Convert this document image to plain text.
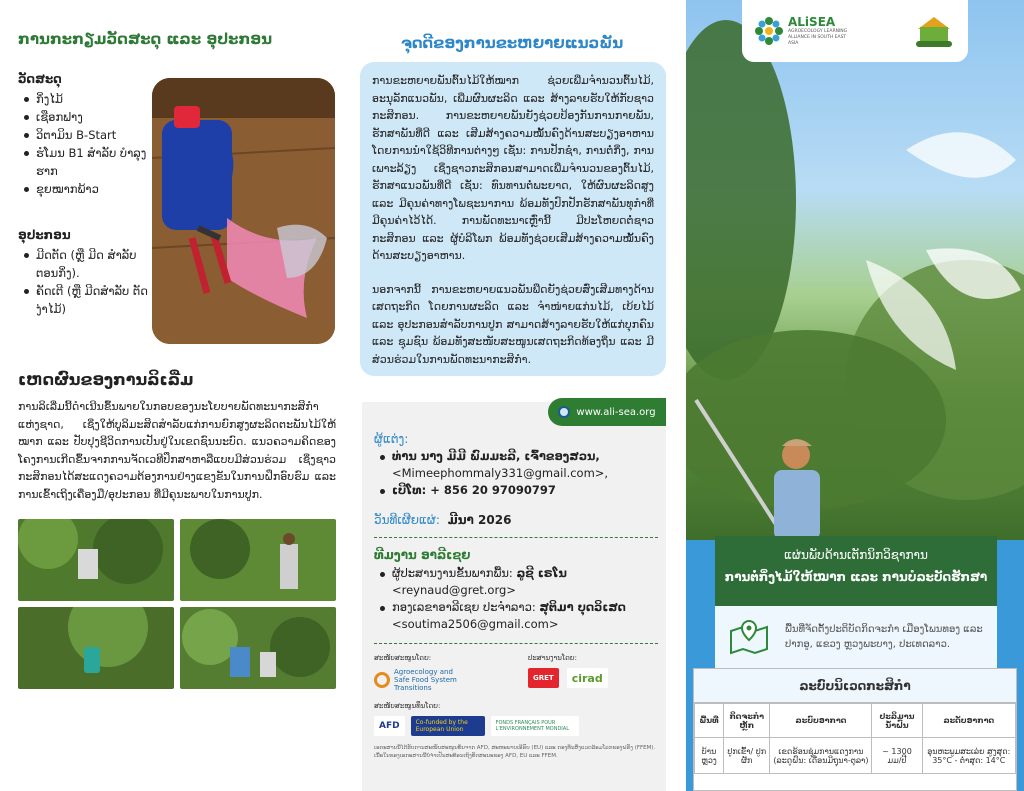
ການກະກຽມວັດສະດຸ ແລະ ອຸປະກອນ
ວັດສະດຸ
ກິ່ງໄມ້
ເຊືອກຟາງ
ວິຕາມິນ B-Start
ຮໍໂມນ B1 ສຳລັບ ບຳລຸງຮາກ
ຂຸຍໝາກພ້າວ
ອຸປະກອນ
ມີດຕັດ (ຫຼື ມີດ ສຳລັບຕອນກິ່ງ).
ຄັດເຕີ (ຫຼື ມີດສຳລັບ ຕັດງ່າໄມ້)
ເຫດຜົນຂອງການລິເລີ່ມ
ການລິເລີ່ມນີ້ດຳເນີນຂຶ້ນພາຍໃນກອບຂອງນະໂຍບາຍພັດທະນາກະສິກຳແຫ່ງຊາດ, ເຊິ່ງໃຫ້ບູລິມະສິດສຳລັບແກ່ການຍົກສູງຜະລິດຕະພັນໄມ້ໃຫ້ໝາກ ແລະ ປັບປຸງຊີວິດການເປັນຢູ່ໃນເຂດຊົນນະບົດ. ແນວຄວາມຄິດຂອງໂຄງການເກີດຂຶ້ນຈາກການຈັດເວທີປຶກສາຫາລືແບບມີສ່ວນຮ່ວມ ເຊິ່ງຊາວກະສິກອນໄດ້ສະແດງຄວາມຕ້ອງການຢ່າງແຂງຂັນໃນການຝຶກອົບຮົມ ແລະ ການເຂົ້າເຖິງເຄື່ອງມື/ອຸປະກອນ ທີ່ມີຄຸນະພາບໃນການປູກ.
ຈຸດດີຂອງການຂະຫຍາຍແນວພັນ

ການຂະຫຍາຍພັນຕົ້ນໄມ້ໃຫ້ໝາກ ຊ່ວຍເພີ່ມຈຳນວນຕົ້ນໄມ້, ອະນຸລັກແນວພັນ, ເພີ່ມຜົນຜະລິດ ແລະ ສ້າງລາຍຮັບໃຫ້ກັບຊາວກະສິກອນ. ການຂະຫຍາຍພັນຍັງຊ່ວຍປ້ອງກັນການກາຍພັນ, ຮັກສາພັນທີ່ດີ ແລະ ເສີມສ້າງຄວາມໝັ້ນຄົງດ້ານສະບຽງອາຫານ ໂດຍການນຳໃຊ້ວິທີການຕ່າງໆ ເຊັ່ນ: ການປັກຊໍາ, ການຕໍ່ກິ່ງ, ການເພາະລ້ຽງ ເຊິ່ງຊາວກະສິກອນສາມາດເພີ່ມຈຳນວນຂອງຕົ້ນໄມ້, ຮັກສາແນວພັນທີ່ດີ ເຊັ່ນ: ທົນທານຕໍ່ພະຍາດ, ໃຫ້ຜົນຜະລິດສູງ ແລະ ມີຄຸນຄ່າທາງໂພຊະນາການ ພ້ອມທັງປົກປັກຮັກສາພັນທຸກຳທີ່ມີຄຸນຄ່າໄວ້ໄດ້. ການພັດທະນາເຫຼົ່ານີ້ ມີປະໂຫຍດຕໍ່ຊາວກະສິກອນ ແລະ ຜູ້ບໍລິໂພກ ພ້ອມທັງຊ່ວຍເສີມສ້າງຄວາມໝັ້ນຄົງດ້ານສະບຽງອາຫານ.

ນອກຈາກນີ້ ການຂະຫຍາຍແນວພັນພືດຍັງຊ່ວຍສົ່ງເສີມທາງດ້ານເສດຖະກິດ ໂດຍການຜະລິດ ແລະ ຈຳໜ່າຍແກ່ນໄມ້, ເບ້ຍໄມ້ ແລະ ອຸປະກອນສຳລັບການປູກ ສາມາດສ້າງລາຍຮັບໃຫ້ແກ່ບຸກຄົນ ແລະ ຊຸມຊົນ ພ້ອມທັງສະໜັບສະໜູນເສດຖະກິດທ້ອງຖິ່ນ ແລະ ມີສ່ວນຮ່ວມໃນການພັດທະນາກະສິກຳ.

www.ali-sea.org
ຜູ້ແຕ່ງ:
ທ່ານ ນາງ ມີມີ ພົມມະລີ, ເຈົ້າຂອງສວນ,
<Mimeephommaly331@gmail.com>,
ເບີໂທ: + 856 20 97090797
ວັນທີເຜີຍແຜ່: ມີນາ 2026
ທີມງານ ອາລີເຊຍ
ຜູ້ປະສານງານຂັ້ນພາກພື້ນ: ລູຊີ ເຣໂນ
<reynaud@gret.org>
ກອງເລຂາອາລີເຊຍ ປະຈໍາລາວ: ສຸຕິມາ ບຸດວິເສດ
<soutima2506@gmail.com>
ສະໜັບສະໜູນໂດຍ:
Agroecology and Safe Food System Transitions
ປະສານງານໂດຍ:
GRET	cirad
ສະໜັບສະໜູນທຶນໂດຍ:
AFD	Co-funded by the European Union
FONDS FRANÇAIS POUR L'ENVIRONNEMENT MONDIAL
ເອກະສານນີ້ໄດ້ຮັບການສະໜັບສະໜູນທຶນຈາກ AFD, ສະຫະພາບເອີຣົບ (EU) ແລະ ກອງທຶນສິ່ງແວດລ້ອມໂລກຂອງຝຣັ່ງ (FFEM). ເນື້ອໃນຂອງເອກະສານນີ້ບໍ່ຈໍາເປັນສະທ້ອນເຖິງທັດສະນະຂອງ AFD, EU ແລະ FFEM.
ALiSEA
AGROECOLOGY LEARNING ALLIANCE IN SOUTH EAST ASIA
ແຜ່ນພັບດ້ານເຕັກນິກວິຊາການ
ການຕໍ່ກິ່ງໄມ້ໃຫ້ໝາກ ແລະ ການບໍລະບັດຮັກສາ
ພື້ນທີ່ຈັດຕັ້ງປະຕິບັດກິດຈະກໍາ ເມືອງໂພນທອງ ແລະ ປາກອູ, ແຂວງ ຫຼວງພະບາງ, ປະເທດລາວ.
ລະບົບນິເວດກະສິກໍາ
ພື້ນທີ່	ກິດຈະກຳຫຼັກ	ລະບົບອາກາດ	ປະລິມານນ້ຳຝົນ	ລະດັບອາກາດ
ບ້ານຫຼວງ	ປູກເຂົ້າ/ ປູກຜັກ	ເຂດຮ້ອນຊຸ່ມການແດງການ (ລະດູຝົນ: ເດືອນມິຖຸນາ-ຕຸລາ)	~ 1300 ມມ/ປີ	ອຸນຫະພູມສະເລ່ຍ ສູງສຸດ: 35°C - ຕ່ຳສຸດ: 14°C
